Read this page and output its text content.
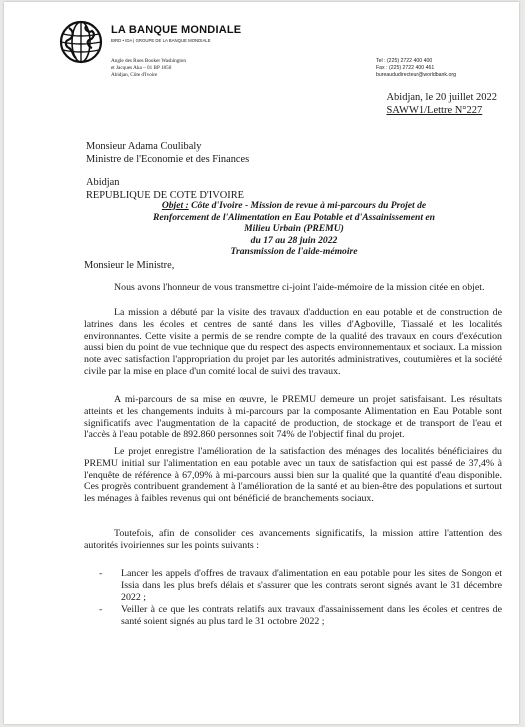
LA BANQUE MONDIALE
BIRD • IDA | GROUPE DE LA BANQUE MONDIALE
Angle des Rues Booker Washington
et Jacques Aka – 01 BP 1850
Abidjan, Côte d'Ivoire
Tel : (225) 2722 400 400
Fax : (225) 2722 400 461
bureaududirecteur@worldbank.org
Abidjan, le 20 juillet 2022
SAWW1/Lettre N°227
Monsieur Adama Coulibaly
Ministre de l'Economie et des Finances
Abidjan
REPUBLIQUE DE COTE D'IVOIRE
Objet : Côte d'Ivoire - Mission de revue à mi-parcours du Projet de Renforcement de l'Alimentation en Eau Potable et d'Assainissement en Milieu Urbain (PREMU)
du 17 au 28 juin 2022
Transmission de l'aide-mémoire
Monsieur le Ministre,
Nous avons l'honneur de vous transmettre ci-joint l'aide-mémoire de la mission citée en objet.
La mission a débuté par la visite des travaux d'adduction en eau potable et de construction de latrines dans les écoles et centres de santé dans les villes d'Agboville, Tiassalé et les localités environnantes. Cette visite a permis de se rendre compte de la qualité des travaux en cours d'exécution aussi bien du point de vue technique que du respect des aspects environnementaux et sociaux. La mission note avec satisfaction l'appropriation du projet par les autorités administratives, coutumières et la société civile par la mise en place d'un comité local de suivi des travaux.
A mi-parcours de sa mise en œuvre, le PREMU demeure un projet satisfaisant. Les résultats atteints et les changements induits à mi-parcours par la composante Alimentation en Eau Potable sont significatifs avec l'augmentation de la capacité de production, de stockage et de transport de l'eau et l'accès à l'eau potable de 892.860 personnes soit 74% de l'objectif final du projet.
Le projet enregistre l'amélioration de la satisfaction des ménages des localités bénéficiaires du PREMU initial sur l'alimentation en eau potable avec un taux de satisfaction qui est passé de 37,4% à l'enquête de référence à 67,09% à mi-parcours aussi bien sur la qualité que la quantité d'eau disponible. Ces progrès contribuent grandement à l'amélioration de la santé et au bien-être des populations et surtout les ménages à faibles revenus qui ont bénéficié de branchements sociaux.
Toutefois, afin de consolider ces avancements significatifs, la mission attire l'attention des autorités ivoiriennes sur les points suivants :
- Lancer les appels d'offres de travaux d'alimentation en eau potable pour les sites de Songon et Issia dans les plus brefs délais et s'assurer que les contrats seront signés avant le 31 décembre 2022 ;
- Veiller à ce que les contrats relatifs aux travaux d'assainissement dans les écoles et centres de santé soient signés au plus tard le 31 octobre 2022 ;
